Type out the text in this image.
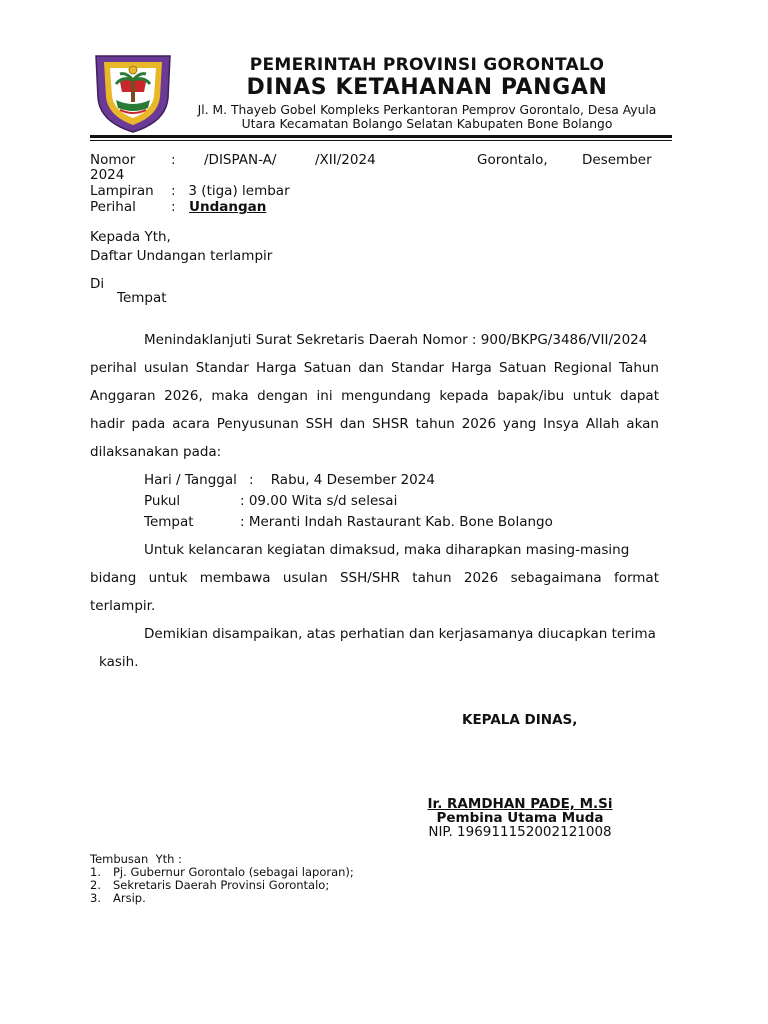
PEMERINTAH PROVINSI GORONTALO
DINAS KETAHANAN PANGAN
Jl. M. Thayeb Gobel Kompleks Perkantoran Pemprov Gorontalo, Desa Ayula
Utara Kecamatan Bolango Selatan Kabupaten Bone Bolango
Nomor	: /DISPAN-A/	/XII/2024	Gorontalo,	Desember
2024
Lampiran :   3 (tiga) lembar
Perihal	: Undangan
Kepada Yth,
Daftar Undangan terlampir
Di
Tempat
Menindaklanjuti Surat Sekretaris Daerah Nomor : 900/BKPG/3486/VII/2024
perihal usulan Standar Harga Satuan dan Standar Harga Satuan Regional Tahun Anggaran 2026, maka dengan ini mengundang kepada bapak/ibu untuk dapat hadir pada acara Penyusunan SSH dan SHSR tahun 2026 yang Insya Allah akan dilaksanakan pada:
Hari / Tanggal :    Rabu, 4 Desember 2024
Pukul	: 09.00 Wita s/d selesai
Tempat	: Meranti Indah Rastaurant Kab. Bone Bolango
Untuk kelancaran kegiatan dimaksud, maka diharapkan masing-masing
bidang untuk membawa usulan SSH/SHR tahun 2026 sebagaimana format terlampir.
Demikian disampaikan, atas perhatian dan kerjasamanya diucapkan terima
kasih.
KEPALA DINAS,
Ir. RAMDHAN PADE, M.Si
Pembina Utama Muda
NIP. 196911152002121008
Tembusan  Yth :
1. Pj. Gubernur Gorontalo (sebagai laporan);
2. Sekretaris Daerah Provinsi Gorontalo;
3. Arsip.
